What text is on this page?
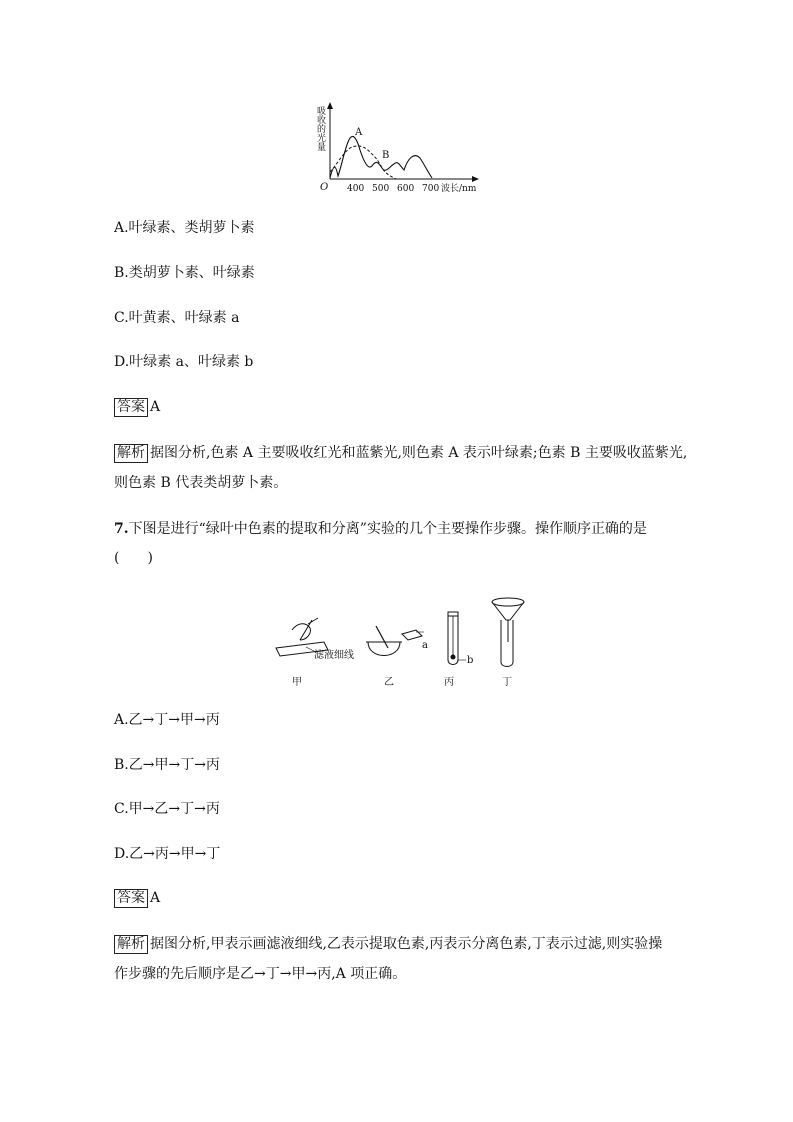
吸收的光量
O 400 500 600 700 波长/nm
A
B
A.叶绿素、类胡萝卜素
B.类胡萝卜素、叶绿素
C.叶黄素、叶绿素 a
D.叶绿素 a、叶绿素 b
答案 A
解析 据图分析,色素 A 主要吸收红光和蓝紫光,则色素 A 表示叶绿素;色素 B 主要吸收蓝紫光,
则色素 B 代表类胡萝卜素。
7.下图是进行“绿叶中色素的提取和分离”实验的几个主要操作步骤。操作顺序正确的是
(　　)
滤液细线
a
b
甲	乙	丙	丁
A.乙→丁→甲→丙
B.乙→甲→丁→丙
C.甲→乙→丁→丙
D.乙→丙→甲→丁
答案 A
解析 据图分析,甲表示画滤液细线,乙表示提取色素,丙表示分离色素,丁表示过滤,则实验操
作步骤的先后顺序是乙→丁→甲→丙,A 项正确。
